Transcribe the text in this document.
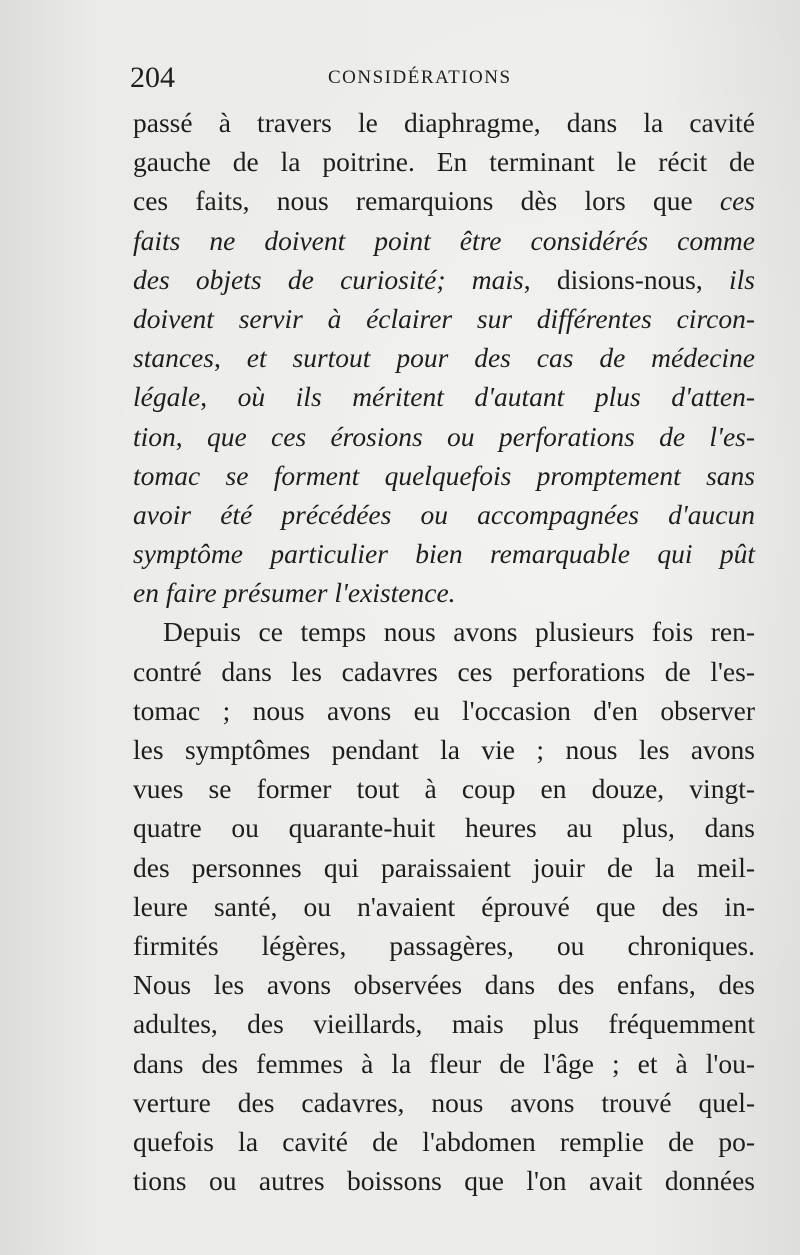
204	CONSIDÉRATIONS
passé à travers le diaphragme, dans la cavité
gauche de la poitrine. En terminant le récit de
ces faits, nous remarquions dès lors que ces
faits ne doivent point être considérés comme
des objets de curiosité; mais, disions-nous, ils
doivent servir à éclairer sur différentes circon-
stances, et surtout pour des cas de médecine
légale, où ils méritent d'autant plus d'atten-
tion, que ces érosions ou perforations de l'es-
tomac se forment quelquefois promptement sans
avoir été précédées ou accompagnées d'aucun
symptôme particulier bien remarquable qui pût
en faire présumer l'existence.
Depuis ce temps nous avons plusieurs fois ren-
contré dans les cadavres ces perforations de l'es-
tomac ; nous avons eu l'occasion d'en observer
les symptômes pendant la vie ; nous les avons
vues se former tout à coup en douze, vingt-
quatre ou quarante-huit heures au plus, dans
des personnes qui paraissaient jouir de la meil-
leure santé, ou n'avaient éprouvé que des in-
firmités légères, passagères, ou chroniques.
Nous les avons observées dans des enfans, des
adultes, des vieillards, mais plus fréquemment
dans des femmes à la fleur de l'âge ; et à l'ou-
verture des cadavres, nous avons trouvé quel-
quefois la cavité de l'abdomen remplie de po-
tions ou autres boissons que l'on avait données
